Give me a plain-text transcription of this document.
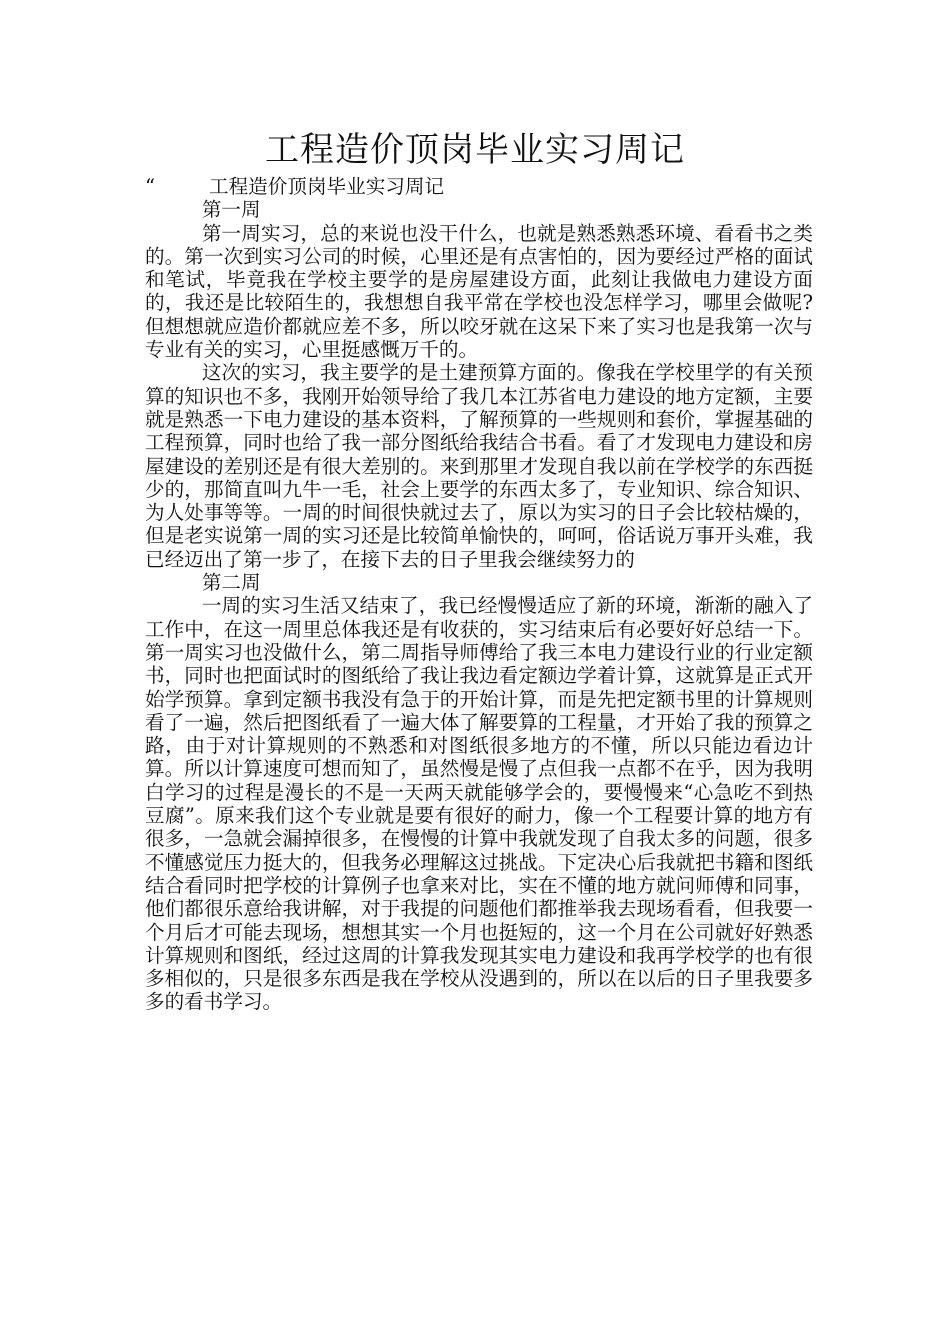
工程造价顶岗毕业实习周记

“	工程造价顶岗毕业实习周记

第一周

第一周实习，总的来说也没干什么，也就是熟悉熟悉环境、看看书之类的。第一次到实习公司的时候，心里还是有点害怕的，因为要经过严格的面试和笔试，毕竟我在学校主要学的是房屋建设方面，此刻让我做电力建设方面的，我还是比较陌生的，我想想自我平常在学校也没怎样学习，哪里会做呢?但想想就应造价都就应差不多，所以咬牙就在这呆下来了实习也是我第一次与专业有关的实习，心里挺感慨万千的。

这次的实习，我主要学的是土建预算方面的。像我在学校里学的有关预算的知识也不多，我刚开始领导给了我几本江苏省电力建设的地方定额，主要就是熟悉一下电力建设的基本资料，了解预算的一些规则和套价，掌握基础的工程预算，同时也给了我一部分图纸给我结合书看。看了才发现电力建设和房屋建设的差别还是有很大差别的。来到那里才发现自我以前在学校学的东西挺少的，那简直叫九牛一毛，社会上要学的东西太多了，专业知识、综合知识、为人处事等等。一周的时间很快就过去了，原以为实习的日子会比较枯燥的，但是老实说第一周的实习还是比较简单愉快的，呵呵，俗话说万事开头难，我已经迈出了第一步了，在接下去的日子里我会继续努力的

第二周

一周的实习生活又结束了，我已经慢慢适应了新的环境，渐渐的融入了工作中，在这一周里总体我还是有收获的，实习结束后有必要好好总结一下。第一周实习也没做什么，第二周指导师傅给了我三本电力建设行业的行业定额书，同时也把面试时的图纸给了我让我边看定额边学着计算，这就算是正式开始学预算。拿到定额书我没有急于的开始计算，而是先把定额书里的计算规则看了一遍，然后把图纸看了一遍大体了解要算的工程量，才开始了我的预算之路，由于对计算规则的不熟悉和对图纸很多地方的不懂，所以只能边看边计算。所以计算速度可想而知了，虽然慢是慢了点但我一点都不在乎，因为我明白学习的过程是漫长的不是一天两天就能够学会的，要慢慢来“心急吃不到热豆腐”。原来我们这个专业就是要有很好的耐力，像一个工程要计算的地方有很多，一急就会漏掉很多，在慢慢的计算中我就发现了自我太多的问题，很多不懂感觉压力挺大的，但我务必理解这过挑战。下定决心后我就把书籍和图纸结合看同时把学校的计算例子也拿来对比，实在不懂的地方就问师傅和同事，他们都很乐意给我讲解，对于我提的问题他们都推举我去现场看看，但我要一个月后才可能去现场，想想其实一个月也挺短的，这一个月在公司就好好熟悉计算规则和图纸，经过这周的计算我发现其实电力建设和我再学校学的也有很多相似的，只是很多东西是我在学校从没遇到的，所以在以后的日子里我要多多的看书学习。
